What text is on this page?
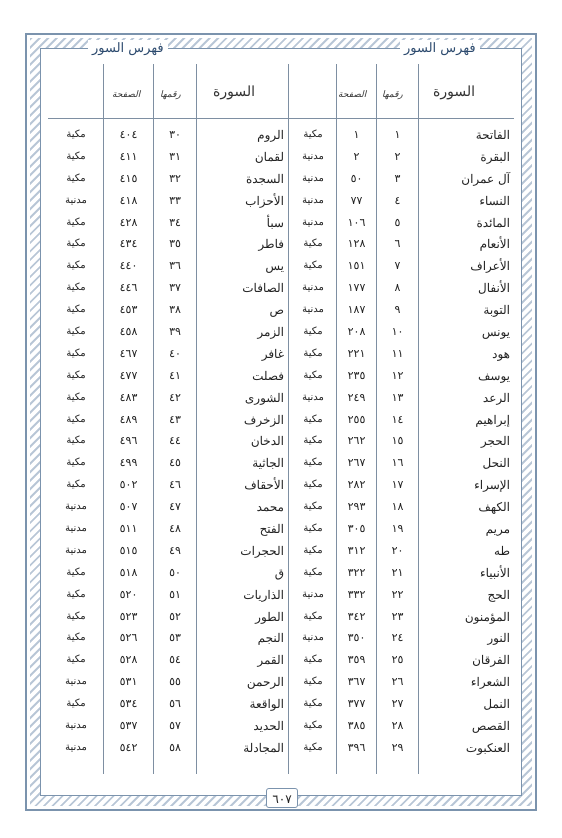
فهرس السور	فهرس السور
الصفحة رقمها السورة	الصفحة رقمها السورة
مكية	٤٠٤	٣٠	الروم	مكية	١	١	الفاتحة
مكية	٤١١	٣١	لقمان	مدنية	٢	٢	البقرة
مكية	٤١٥	٣٢	السجدة	مدنية	٥٠	٣	آل عمران
مدنية	٤١٨	٣٣	الأحزاب	مدنية	٧٧	٤	النساء
مكية	٤٢٨	٣٤	سبأ	مدنية	١٠٦	٥	المائدة
مكية	٤٣٤	٣٥	فاطر	مكية	١٢٨	٦	الأنعام
مكية	٤٤٠	٣٦	يس	مكية	١٥١	٧	الأعراف
مكية	٤٤٦	٣٧	الصافات	مدنية	١٧٧	٨	الأنفال
مكية	٤٥٣	٣٨	ص	مدنية	١٨٧	٩	التوبة
مكية	٤٥٨	٣٩	الزمر	مكية	٢٠٨	١٠	يونس
مكية	٤٦٧	٤٠	غافر	مكية	٢٢١	١١	هود
مكية	٤٧٧	٤١	فصلت	مكية	٢٣٥	١٢	يوسف
مكية	٤٨٣	٤٢	الشورى	مدنية	٢٤٩	١٣	الرعد
مكية	٤٨٩	٤٣	الزخرف	مكية	٢٥٥	١٤	إبراهيم
مكية	٤٩٦	٤٤	الدخان	مكية	٢٦٢	١٥	الحجر
مكية	٤٩٩	٤٥	الجاثية	مكية	٢٦٧	١٦	النحل
مكية	٥٠٢	٤٦	الأحقاف	مكية	٢٨٢	١٧	الإسراء
مدنية	٥٠٧	٤٧	محمد	مكية	٢٩٣	١٨	الكهف
مدنية	٥١١	٤٨	الفتح	مكية	٣٠٥	١٩	مريم
مدنية	٥١٥	٤٩	الحجرات	مكية	٣١٢	٢٠	طه
مكية	٥١٨	٥٠	ق	مكية	٣٢٢	٢١	الأنبياء
مكية	٥٢٠	٥١	الذاريات	مدنية	٣٣٢	٢٢	الحج
مكية	٥٢٣	٥٢	الطور	مكية	٣٤٢	٢٣	المؤمنون
مكية	٥٢٦	٥٣	النجم	مدنية	٣٥٠	٢٤	النور
مكية	٥٢٨	٥٤	القمر	مكية	٣٥٩	٢٥	الفرقان
مدنية	٥٣١	٥٥	الرحمن	مكية	٣٦٧	٢٦	الشعراء
مكية	٥٣٤	٥٦	الواقعة	مكية	٣٧٧	٢٧	النمل
مدنية	٥٣٧	٥٧	الحديد	مكية	٣٨٥	٢٨	القصص
مدنية	٥٤٢	٥٨	المجادلة	مكية	٣٩٦	٢٩	العنكبوت
٦٠٧
